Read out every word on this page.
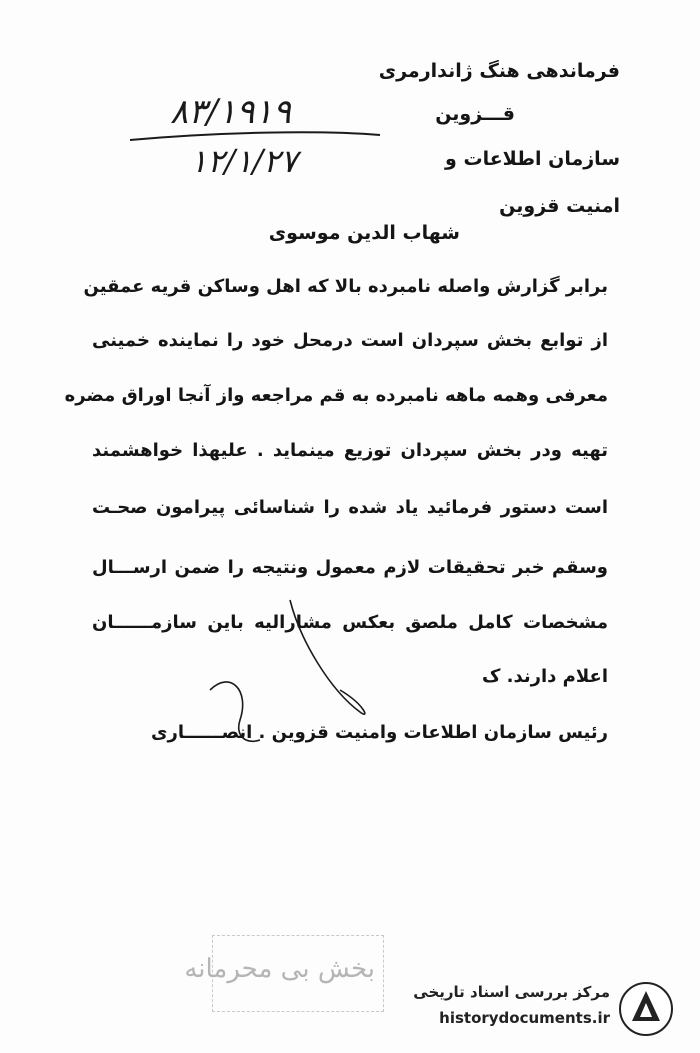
فرماندهی هنگ ژاندارمری
قـــزوین
سازمان اطلاعات و
امنیت قزوین
۸۳/۱۹۱۹
۱۲/۱/۲۷
شهاب الدین موسوی
برابر گزارش واصله نامبرده بالا که اهل وساکن قریه عمقین
از توابع بخش سپردان است درمحل خود را نماینده خمینی
معرفی وهمه ماهه نامبرده به قم مراجعه واز آنجا اوراق مضره
تهیه ودر بخش سپردان توزیع مینماید . علیهذا خواهشمند
است دستور فرمائید یاد شده را شناسائی پیرامون صحـت
وسقم خبر تحقیقات لازم معمول ونتیجه را ضمن ارســـال
مشخصات کامل ملصق بعکس مشارالیه باین سازمــــــان
اعلام دارند. ک
رئیس سازمان اطلاعات وامنیت قزوین . انصــــــاری
بخش بی محرمانه
مرکز بررسی اسناد تاریخی
historydocuments.ir
